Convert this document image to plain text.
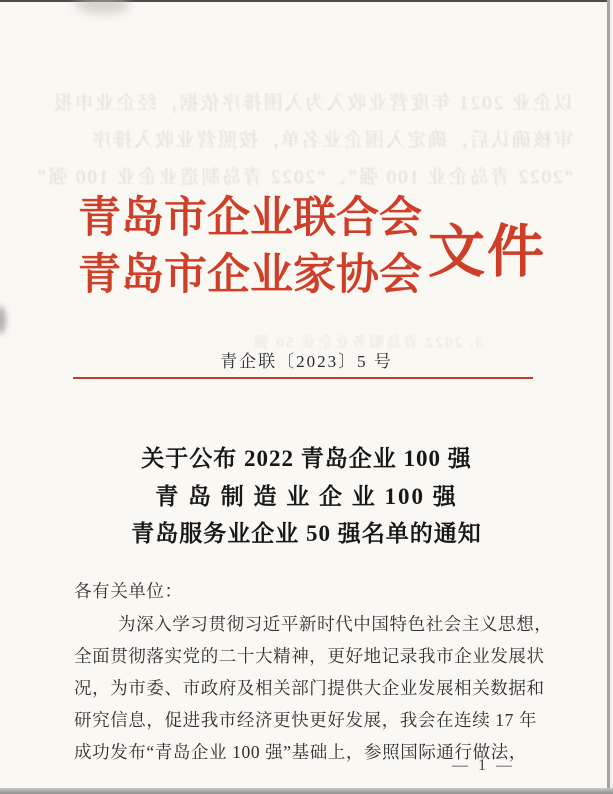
以企业 2021 年度营业收入为入围排序依据，经企业申报
审核确认后，确定入围企业名单，按照营业收入排序
“2022 青岛企业 100 强”、“2022 青岛制造业企业 100 强”
3. 2022 青岛服务业企业 50 强
青岛市企业联合会
青岛市企业家协会 文件
青企联〔2023〕5 号
关于公布 2022 青岛企业 100 强
青 岛 制 造 业 企 业 100 强
青岛服务业企业 50 强名单的通知
各有关单位：
为深入学习贯彻习近平新时代中国特色社会主义思想，
全面贯彻落实党的二十大精神，更好地记录我市企业发展状
况，为市委、市政府及相关部门提供大企业发展相关数据和
研究信息，促进我市经济更快更好发展，我会在连续 17 年
成功发布“青岛企业 100 强”基础上，参照国际通行做法，
— 1 —
